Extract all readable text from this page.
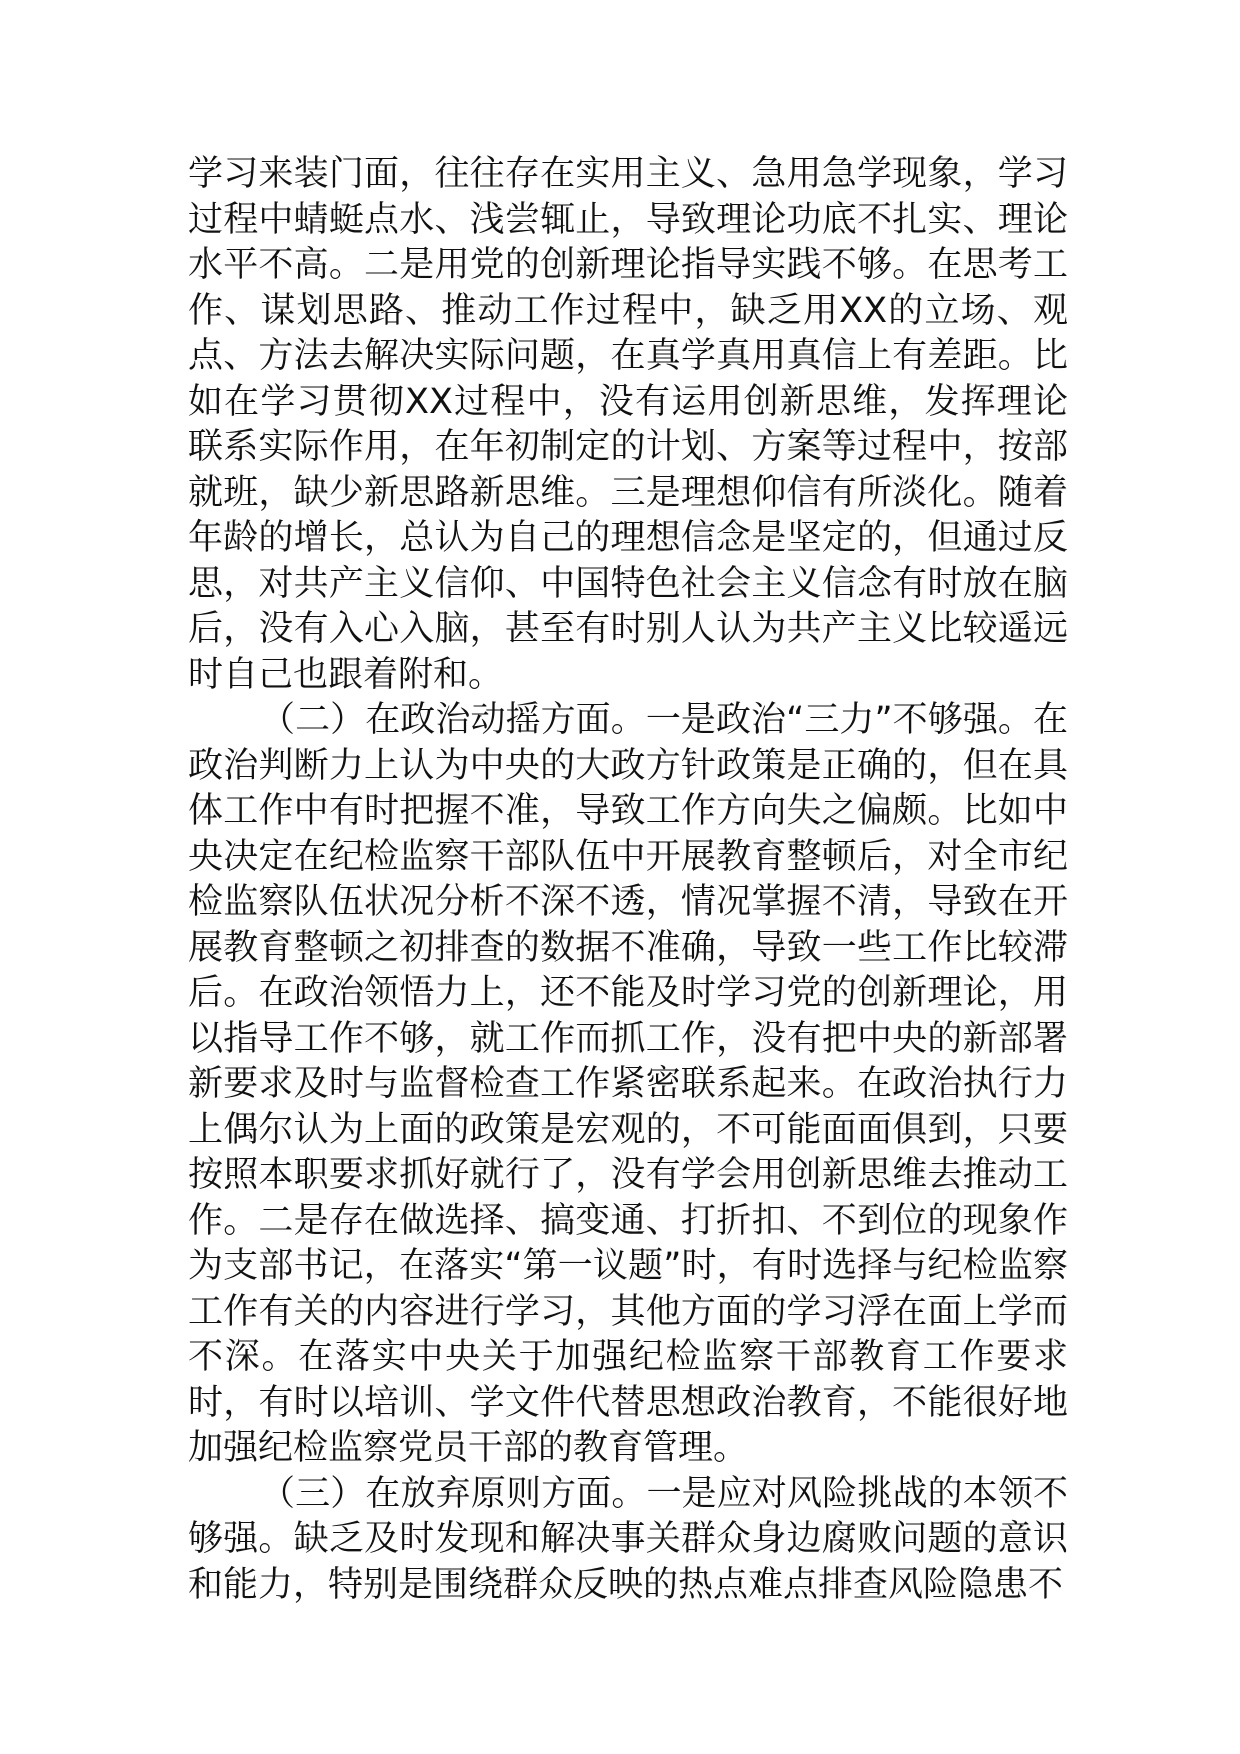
学习来装门面，往往存在实用主义、急用急学现象，学习过程中蜻蜓点水、浅尝辄止，导致理论功底不扎实、理论水平不高。二是用党的创新理论指导实践不够。在思考工作、谋划思路、推动工作过程中，缺乏用XX的立场、观点、方法去解决实际问题，在真学真用真信上有差距。比如在学习贯彻XX过程中，没有运用创新思维，发挥理论联系实际作用，在年初制定的计划、方案等过程中，按部就班，缺少新思路新思维。三是理想仰信有所淡化。随着年龄的增长，总认为自己的理想信念是坚定的，但通过反思，对共产主义信仰、中国特色社会主义信念有时放在脑后，没有入心入脑，甚至有时别人认为共产主义比较遥远时自己也跟着附和。

（二）在政治动摇方面。一是政治“三力”不够强。在政治判断力上认为中央的大政方针政策是正确的，但在具体工作中有时把握不准，导致工作方向失之偏颇。比如中央决定在纪检监察干部队伍中开展教育整顿后，对全市纪检监察队伍状况分析不深不透，情况掌握不清，导致在开展教育整顿之初排查的数据不准确，导致一些工作比较滞后。在政治领悟力上，还不能及时学习党的创新理论，用以指导工作不够，就工作而抓工作，没有把中央的新部署新要求及时与监督检查工作紧密联系起来。在政治执行力上偶尔认为上面的政策是宏观的，不可能面面俱到，只要按照本职要求抓好就行了，没有学会用创新思维去推动工作。二是存在做选择、搞变通、打折扣、不到位的现象作为支部书记，在落实“第一议题”时，有时选择与纪检监察工作有关的内容进行学习，其他方面的学习浮在面上学而不深。在落实中央关于加强纪检监察干部教育工作要求时，有时以培训、学文件代替思想政治教育，不能很好地加强纪检监察党员干部的教育管理。

（三）在放弃原则方面。一是应对风险挑战的本领不够强。缺乏及时发现和解决事关群众身边腐败问题的意识和能力，特别是围绕群众反映的热点难点排查风险隐患不
